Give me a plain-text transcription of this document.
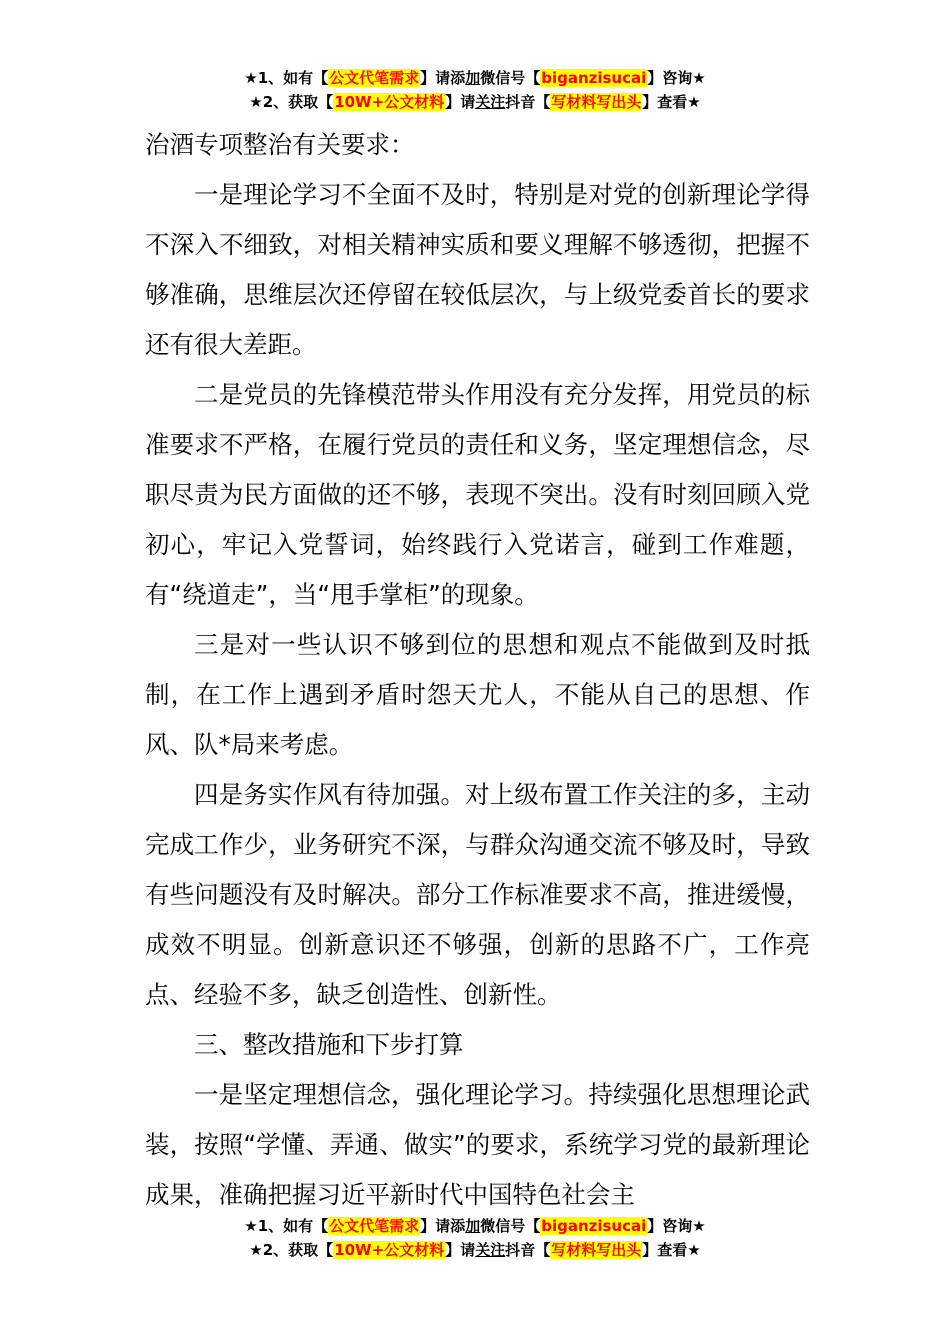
★1、如有【公文代笔需求】请添加微信号【biganzisucai】咨询★
★2、获取【10W+公文材料】请关注抖音【写材料写出头】查看★

治酒专项整治有关要求：

一是理论学习不全面不及时，特别是对党的创新理论学得不深入不细致，对相关精神实质和要义理解不够透彻，把握不够准确，思维层次还停留在较低层次，与上级党委首长的要求还有很大差距。

二是党员的先锋模范带头作用没有充分发挥，用党员的标准要求不严格，在履行党员的责任和义务，坚定理想信念，尽职尽责为民方面做的还不够，表现不突出。没有时刻回顾入党初心，牢记入党誓词，始终践行入党诺言，碰到工作难题，有“绕道走”，当“甩手掌柜”的现象。

三是对一些认识不够到位的思想和观点不能做到及时抵制，在工作上遇到矛盾时怨天尤人，不能从自己的思想、作风、队*局来考虑。

四是务实作风有待加强。对上级布置工作关注的多，主动完成工作少，业务研究不深，与群众沟通交流不够及时，导致有些问题没有及时解决。部分工作标准要求不高，推进缓慢，成效不明显。创新意识还不够强，创新的思路不广，工作亮点、经验不多，缺乏创造性、创新性。

三、整改措施和下步打算

一是坚定理想信念，强化理论学习。持续强化思想理论武装，按照“学懂、弄通、做实”的要求，系统学习党的最新理论成果，准确把握习近平新时代中国特色社会主

★1、如有【公文代笔需求】请添加微信号【biganzisucai】咨询★
★2、获取【10W+公文材料】请关注抖音【写材料写出头】查看★
